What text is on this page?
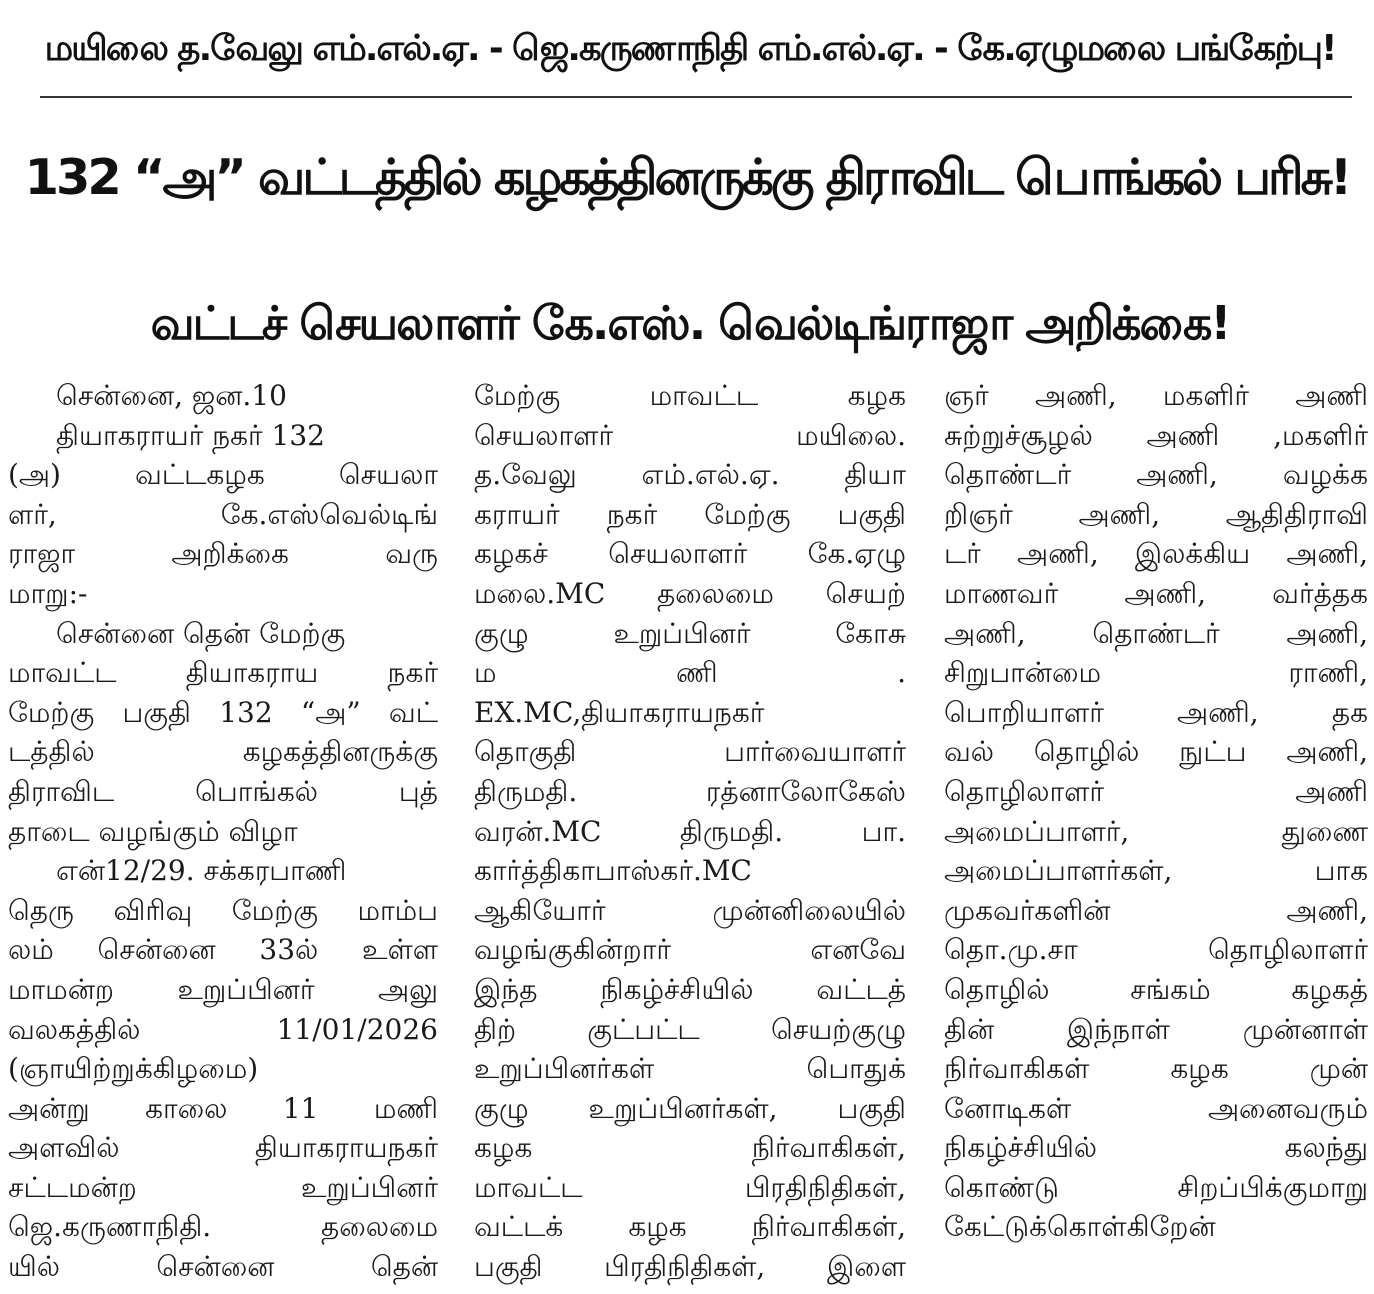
மயிலை த.வேலு எம்.எல்.ஏ. - ஜெ.கருணாநிதி எம்.எல்.ஏ. - கே.ஏழுமலை பங்கேற்பு!
132 “அ” வட்டத்தில் கழகத்தினருக்கு திராவிட பொங்கல் பரிசு!
வட்டச் செயலாளர் கே.எஸ். வெல்டிங்ராஜா அறிக்கை!
சென்னை, ஜன.10
தியாகராயர் நகர் 132
(அ) வட்டகழக செயலா
ளர், கே.எஸ்வெல்டிங்
ராஜா அறிக்கை வரு
மாறு:-
சென்னை தென் மேற்கு
மாவட்ட தியாகராய நகர்
மேற்கு பகுதி 132 “அ” வட்
டத்தில் கழகத்தினருக்கு
திராவிட பொங்கல் புத்
தாடை வழங்கும் விழா
என்12/29. சக்கரபாணி
தெரு விரிவு மேற்கு மாம்ப
லம் சென்னை 33ல் உள்ள
மாமன்ற உறுப்பினர் அலு
வலகத்தில் 11/01/2026
(ஞாயிற்றுக்கிழமை)
அன்று காலை 11 மணி
அளவில் தியாகராயநகர்
சட்டமன்ற உறுப்பினர்
ஜெ.கருணாநிதி. தலைமை
யில் சென்னை தென்
மேற்கு மாவட்ட கழக
செயலாளர் மயிலை.
த.வேலு எம்.எல்.ஏ. தியா
கராயர் நகர் மேற்கு பகுதி
கழகச் செயலாளர் கே.ஏழு
மலை.MC தலைமை செயற்
குழு உறுப்பினர் கோசு
ம ணி .
EX.MC,தியாகராயநகர்
தொகுதி பார்வையாளர்
திருமதி. ரத்னாலோகேஸ்
வரன்.MC திருமதி. பா.
கார்த்திகாபாஸ்கர்.MC
ஆகியோர் முன்னிலையில்
வழங்குகின்றார் எனவே
இந்த நிகழ்ச்சியில் வட்டத்
திற் குட்பட்ட செயற்குழு
உறுப்பினர்கள் பொதுக்
குழு உறுப்பினர்கள், பகுதி
கழக நிர்வாகிகள்,
மாவட்ட பிரதிநிதிகள்,
வட்டக் கழக நிர்வாகிகள்,
பகுதி பிரதிநிதிகள், இளை
ஞர் அணி, மகளிர் அணி
சுற்றுச்சூழல் அணி ,மகளிர்
தொண்டர் அணி, வழக்க
றிஞர் அணி, ஆதிதிராவி
டர் அணி, இலக்கிய அணி,
மாணவர் அணி, வர்த்தக
அணி, தொண்டர் அணி,
சிறுபான்மை ராணி,
பொறியாளர் அணி, தக
வல் தொழில் நுட்ப அணி,
தொழிலாளர் அணி
அமைப்பாளர், துணை
அமைப்பாளர்கள், பாக
முகவர்களின் அணி,
தொ.மு.சா தொழிலாளர்
தொழில் சங்கம் கழகத்
தின் இந்நாள் முன்னாள்
நிர்வாகிகள் கழக முன்
னோடிகள் அனைவரும்
நிகழ்ச்சியில் கலந்து
கொண்டு சிறப்பிக்குமாறு
கேட்டுக்கொள்கிறேன்
